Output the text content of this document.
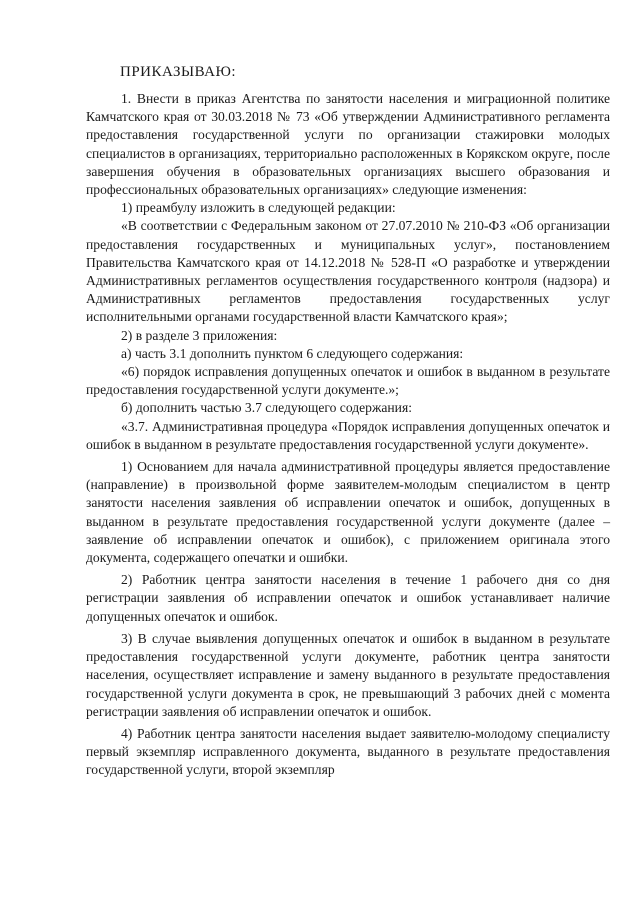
ПРИКАЗЫВАЮ:

1. Внести в приказ Агентства по занятости населения и миграционной политике Камчатского края от 30.03.2018 № 73 «Об утверждении Административного регламента предоставления государственной услуги по организации стажировки молодых специалистов в организациях, территориально расположенных в Корякском округе, после завершения обучения в образовательных организациях высшего образования и профессиональных образовательных организациях» следующие изменения:

1) преамбулу изложить в следующей редакции:

«В соответствии с Федеральным законом от 27.07.2010 № 210-ФЗ «Об организации предоставления государственных и муниципальных услуг», постановлением Правительства Камчатского края от 14.12.2018 № 528-П «О разработке и утверждении Административных регламентов осуществления государственного контроля (надзора) и Административных регламентов предоставления государственных услуг исполнительными органами государственной власти Камчатского края»;

2) в разделе 3 приложения:

а) часть 3.1 дополнить пунктом 6 следующего содержания:

«6) порядок исправления допущенных опечаток и ошибок в выданном в результате предоставления государственной услуги документе.»;

б) дополнить частью 3.7 следующего содержания:

«3.7. Административная процедура «Порядок исправления допущенных опечаток и ошибок в выданном в результате предоставления государственной услуги документе».

1) Основанием для начала административной процедуры является предоставление (направление) в произвольной форме заявителем-молодым специалистом в центр занятости населения заявления об исправлении опечаток и ошибок, допущенных в выданном в результате предоставления государственной услуги документе (далее – заявление об исправлении опечаток и ошибок), с приложением оригинала этого документа, содержащего опечатки и ошибки.

2) Работник центра занятости населения в течение 1 рабочего дня со дня регистрации заявления об исправлении опечаток и ошибок устанавливает наличие допущенных опечаток и ошибок.

3) В случае выявления допущенных опечаток и ошибок в выданном в результате предоставления государственной услуги документе, работник центра занятости населения, осуществляет исправление и замену выданного в результате предоставления государственной услуги документа в срок, не превышающий 3 рабочих дней с момента регистрации заявления об исправлении опечаток и ошибок.

4) Работник центра занятости населения выдает заявителю-молодому специалисту первый экземпляр исправленного документа, выданного в результате предоставления государственной услуги, второй экземпляр
